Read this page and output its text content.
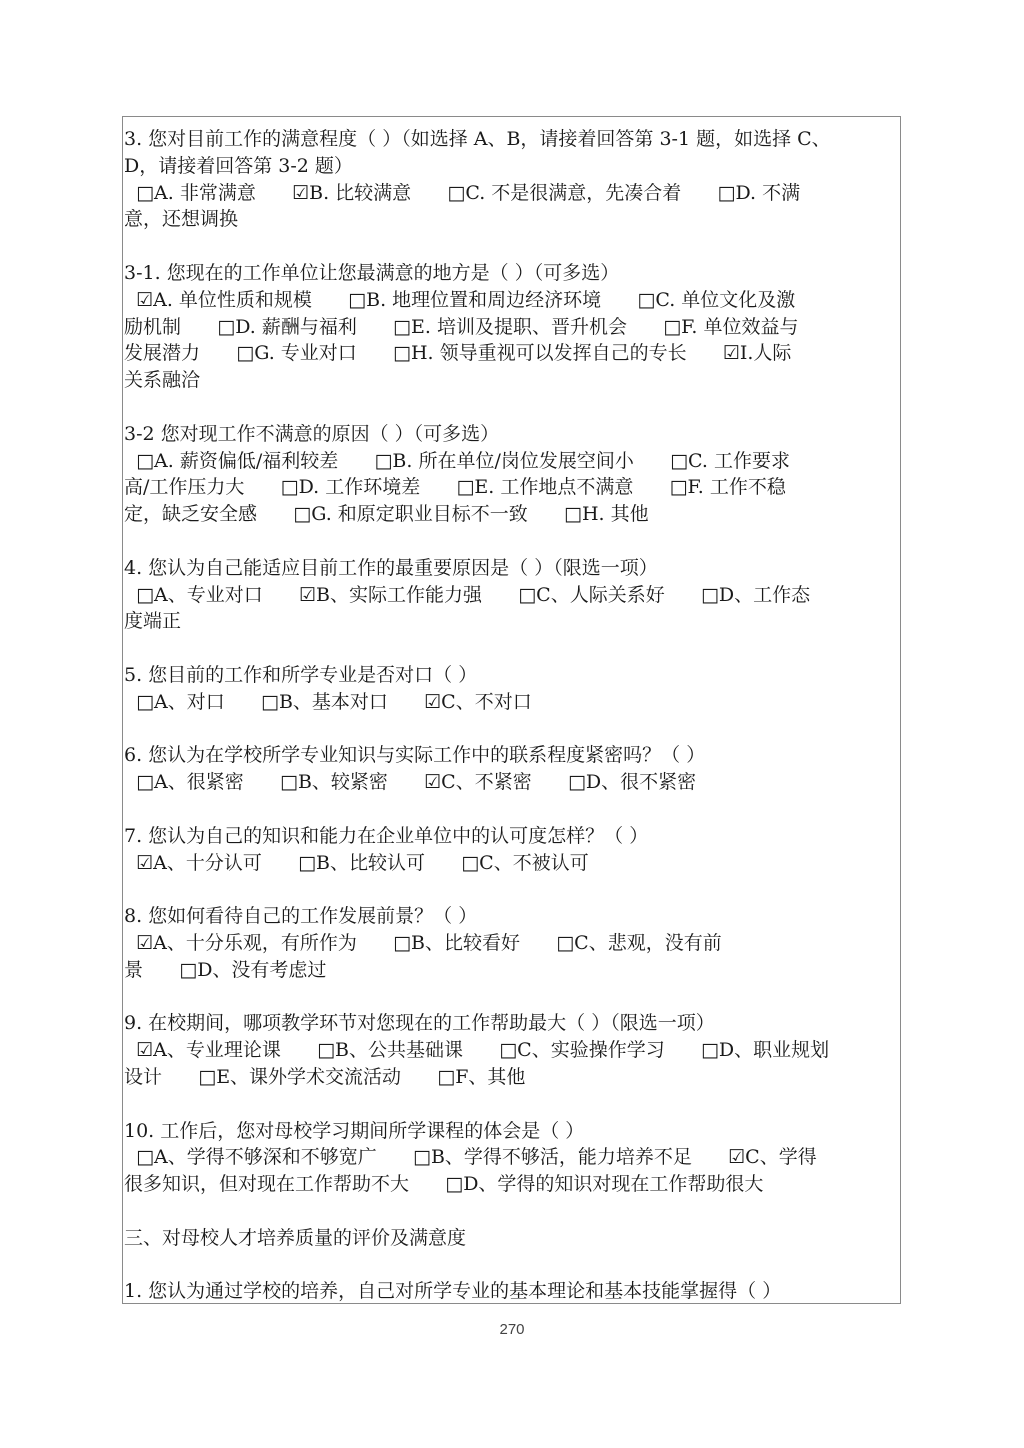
3. 您对目前工作的满意程度（ ）（如选择 A、B，请接着回答第 3-1 题，如选择 C、
D，请接着回答第 3-2 题）
□A. 非常满意      ☑B. 比较满意      □C. 不是很满意，先凑合着      □D. 不满
意，还想调换
3-1. 您现在的工作单位让您最满意的地方是（ ）（可多选）
☑A. 单位性质和规模      □B. 地理位置和周边经济环境      □C. 单位文化及激
励机制      □D. 薪酬与福利      □E. 培训及提职、晋升机会      □F. 单位效益与
发展潜力      □G. 专业对口      □H. 领导重视可以发挥自己的专长      ☑I.人际
关系融洽
3-2 您对现工作不满意的原因（ ）（可多选）
□A. 薪资偏低/福利较差      □B. 所在单位/岗位发展空间小      □C. 工作要求
高/工作压力大      □D. 工作环境差      □E. 工作地点不满意      □F. 工作不稳
定，缺乏安全感      □G. 和原定职业目标不一致      □H. 其他
4. 您认为自己能适应目前工作的最重要原因是（ ）（限选一项）
□A、专业对口      ☑B、实际工作能力强      □C、人际关系好      □D、工作态
度端正
5. 您目前的工作和所学专业是否对口（ ）
□A、对口      □B、基本对口      ☑C、不对口
6. 您认为在学校所学专业知识与实际工作中的联系程度紧密吗？（ ）
□A、很紧密      □B、较紧密      ☑C、不紧密      □D、很不紧密
7. 您认为自己的知识和能力在企业单位中的认可度怎样？（ ）
☑A、十分认可      □B、比较认可      □C、不被认可
8. 您如何看待自己的工作发展前景？（ ）
☑A、十分乐观，有所作为      □B、比较看好      □C、悲观，没有前
景      □D、没有考虑过
9. 在校期间，哪项教学环节对您现在的工作帮助最大（ ）（限选一项）
☑A、专业理论课      □B、公共基础课      □C、实验操作学习      □D、职业规划
设计      □E、课外学术交流活动      □F、其他
10. 工作后，您对母校学习期间所学课程的体会是（ ）
□A、学得不够深和不够宽广      □B、学得不够活，能力培养不足      ☑C、学得
很多知识，但对现在工作帮助不大      □D、学得的知识对现在工作帮助很大
三、对母校人才培养质量的评价及满意度
1. 您认为通过学校的培养，自己对所学专业的基本理论和基本技能掌握得（ ）
270
